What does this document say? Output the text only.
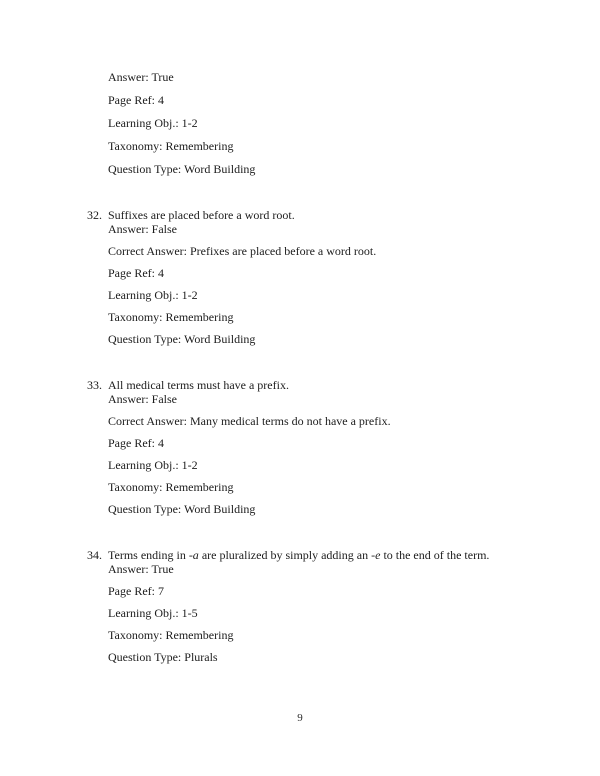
Answer: True
Page Ref: 4
Learning Obj.: 1-2
Taxonomy: Remembering
Question Type: Word Building
32. Suffixes are placed before a word root.
Answer: False
Correct Answer: Prefixes are placed before a word root.
Page Ref: 4
Learning Obj.: 1-2
Taxonomy: Remembering
Question Type: Word Building
33. All medical terms must have a prefix.
Answer: False
Correct Answer: Many medical terms do not have a prefix.
Page Ref: 4
Learning Obj.: 1-2
Taxonomy: Remembering
Question Type: Word Building
34. Terms ending in -a are pluralized by simply adding an -e to the end of the term.
Answer: True
Page Ref: 7
Learning Obj.: 1-5
Taxonomy: Remembering
Question Type: Plurals
9
